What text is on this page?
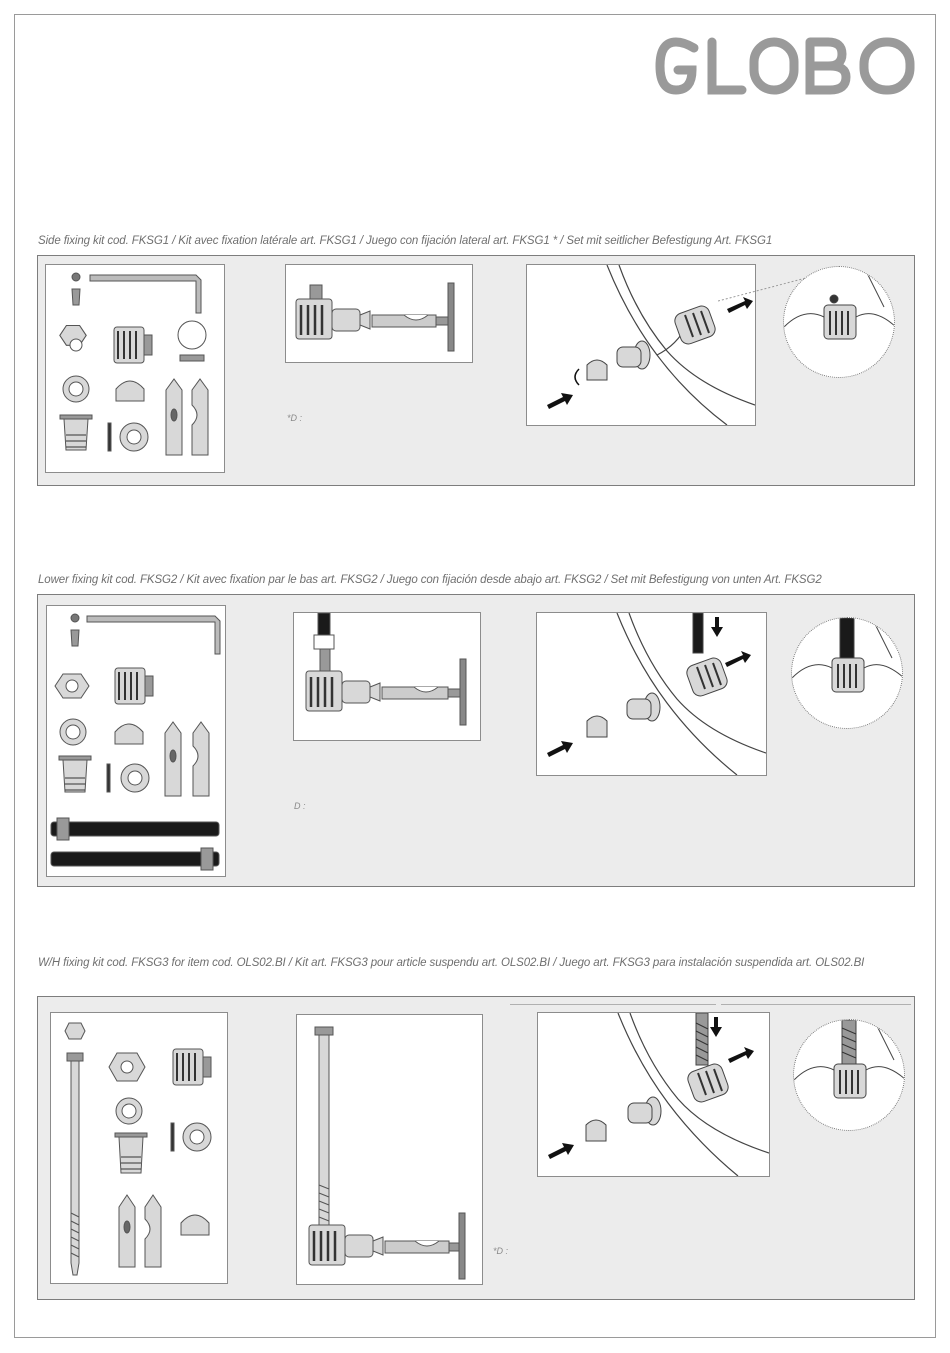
GLOBO
Side fixing kit cod. FKSG1 / Kit avec fixation latérale art. FKSG1 / Juego con fijación lateral art. FKSG1 * / Set mit seitlicher Befestigung Art. FKSG1
*D :
Lower fixing kit cod. FKSG2 / Kit avec fixation par le bas art. FKSG2 / Juego con fijación desde abajo art. FKSG2 / Set mit Befestigung von unten Art. FKSG2
D :
W/H fixing kit cod. FKSG3 for item cod. OLS02.BI / Kit art. FKSG3 pour article suspendu art. OLS02.BI / Juego art. FKSG3 para instalación suspendida art. OLS02.BI
*D :
